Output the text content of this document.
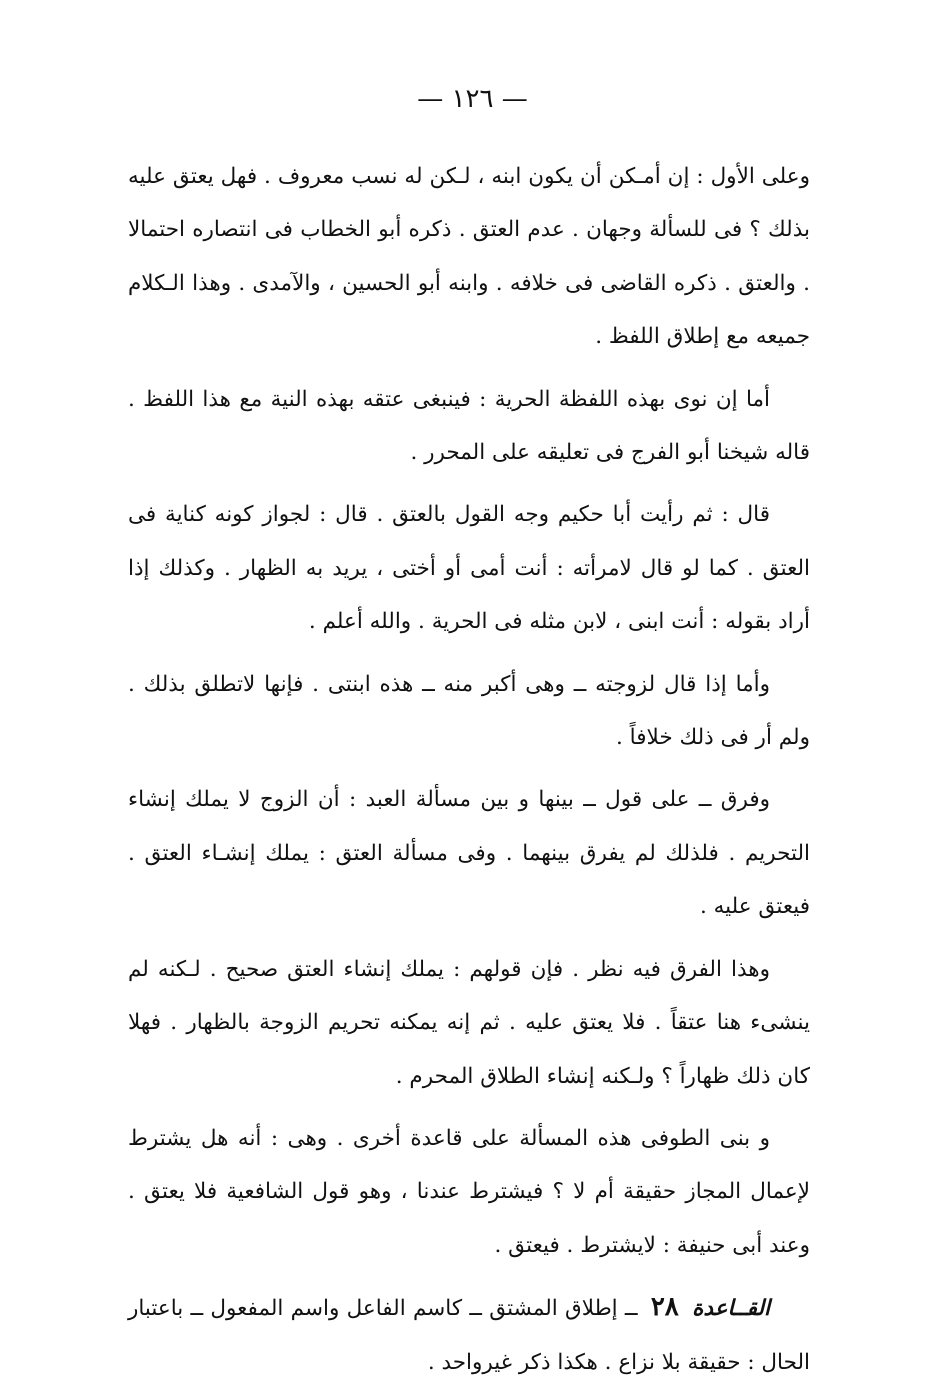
— ١٢٦ —

وعلى الأول : إن أمـكن أن يكون ابنه ، لـكن له نسب معروف . فهل يعتق عليه بذلك ؟ فى للسألة وجهان . عدم العتق . ذكره أبو الخطاب فى انتصاره احتمالا . والعتق . ذكره القاضى فى خلافه . وابنه أبو الحسين ، والآمدى . وهذا الـكلام جميعه مع إطلاق اللفظ .

أما إن نوى بهذه اللفظة الحرية : فينبغى عتقه بهذه النية مع هذا اللفظ . قاله شيخنا أبو الفرج فى تعليقه على المحرر .

قال : ثم رأيت أبا حكيم وجه القول بالعتق . قال : لجواز كونه كناية فى العتق . كما لو قال لامرأته : أنت أمى أو أختى ، يريد به الظهار . وكذلك إذا أراد بقوله : أنت ابنى ، لابن مثله فى الحرية . والله أعلم .

وأما إذا قال لزوجته ــ وهى أكبر منه ــ هذه ابنتى . فإنها لاتطلق بذلك . ولم أر فى ذلك خلافاً .

وفرق ــ على قول ــ بينها و بين مسألة العبد : أن الزوج لا يملك إنشاء التحريم . فلذلك لم يفرق بينهما . وفى مسألة العتق : يملك إنشـاء العتق . فيعتق عليه .

وهذا الفرق فيه نظر . فإن قولهم : يملك إنشاء العتق صحيح . لـكنه لم ينشىء هنا عتقاً . فلا يعتق عليه . ثم إنه يمكنه تحريم الزوجة بالظهار . فهلا كان ذلك ظهاراً ؟ ولـكنه إنشاء الطلاق المحرم .

و بنى الطوفى هذه المسألة على قاعدة أخرى . وهى : أنه هل يشترط لإعمال المجاز حقيقة أم لا ؟ فيشترط عندنا ، وهو قول الشافعية فلا يعتق . وعند أبى حنيفة : لايشترط . فيعتق .

القــاعدة ٢٨ ــ إطلاق المشتق ــ كاسم الفاعل واسم المفعول ــ باعتبار الحال : حقيقة بلا نزاع . هكذا ذكر غيرواحد .
